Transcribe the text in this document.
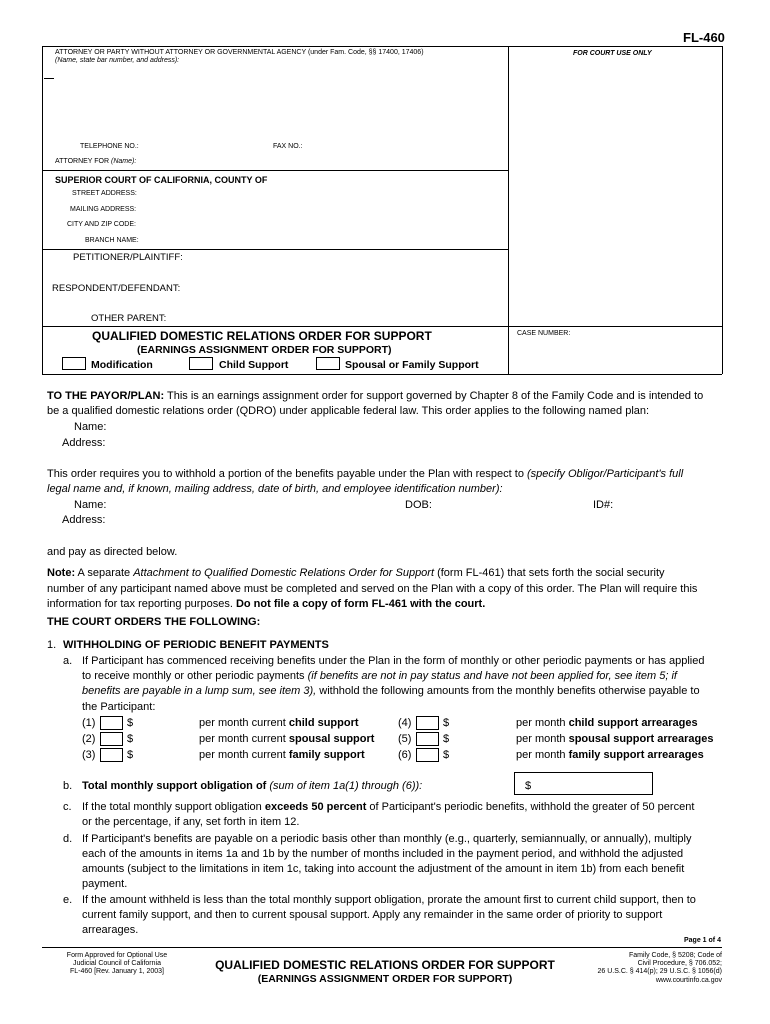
FL-460
ATTORNEY OR PARTY WITHOUT ATTORNEY OR GOVERNMENTAL AGENCY (under Fam. Code, §§ 17400, 17406)
(Name, state bar number, and address):
FOR COURT USE ONLY
TELEPHONE NO.:	FAX NO.:
ATTORNEY FOR (Name):
SUPERIOR COURT OF CALIFORNIA, COUNTY OF
STREET ADDRESS:
MAILING ADDRESS:
CITY AND ZIP CODE:
BRANCH NAME:
PETITIONER/PLAINTIFF:
RESPONDENT/DEFENDANT:
OTHER PARENT:
QUALIFIED DOMESTIC RELATIONS ORDER FOR SUPPORT
(EARNINGS ASSIGNMENT ORDER FOR SUPPORT)
CASE NUMBER:
Modification	Child Support	Spousal or Family Support
TO THE PAYOR/PLAN: This is an earnings assignment order for support governed by Chapter 8 of the Family Code and is intended to
be a qualified domestic relations order (QDRO) under applicable federal law. This order applies to the following named plan:
Name:
Address:
This order requires you to withhold a portion of the benefits payable under the Plan with respect to (specify Obligor/Participant's full
legal name and, if known, mailing address, date of birth, and employee identification number):
Name:	DOB:	ID#:
Address:
and pay as directed below.
Note: A separate Attachment to Qualified Domestic Relations Order for Support (form FL-461) that sets forth the social security
number of any participant named above must be completed and served on the Plan with a copy of this order. The Plan will require this
information for tax reporting purposes. Do not file a copy of form FL-461 with the court.
THE COURT ORDERS THE FOLLOWING:
1. WITHHOLDING OF PERIODIC BENEFIT PAYMENTS
a. If Participant has commenced receiving benefits under the Plan in the form of monthly or other periodic payments or has applied
to receive monthly or other periodic payments (if benefits are not in pay status and have not been applied for, see item 5; if
benefits are payable in a lump sum, see item 3), withhold the following amounts from the monthly benefits otherwise payable to
the Participant:
(1)	$	per month current child support	(4)	$	per month child support arrearages
(2)	$	per month current spousal support (5)	$	per month spousal support arrearages
(3)	$	per month current family support	(6)	$	per month family support arrearages
b. Total monthly support obligation of (sum of item 1a(1) through (6)):	$
c. If the total monthly support obligation exceeds 50 percent of Participant's periodic benefits, withhold the greater of 50 percent
or the percentage, if any, set forth in item 12.
d. If Participant's benefits are payable on a periodic basis other than monthly (e.g., quarterly, semiannually, or annually), multiply
each of the amounts in items 1a and 1b by the number of months included in the payment period, and withhold the adjusted
amounts (subject to the limitations in item 1c, taking into account the adjustment of the amount in item 1b) from each benefit
payment.
e. If the amount withheld is less than the total monthly support obligation, prorate the amount first to current child support, then to
current family support, and then to current spousal support. Apply any remainder in the same order of priority to support
arrearages.
Page 1 of 4
Form Approved for Optional Use
Judicial Council of California
FL-460 [Rev. January 1, 2003]	QUALIFIED DOMESTIC RELATIONS ORDER FOR SUPPORT
(EARNINGS ASSIGNMENT ORDER FOR SUPPORT)
Family Code, § 5208; Code of
Civil Procedure, § 706.052;
26 U.S.C. § 414(p); 29 U.S.C. § 1056(d)
www.courtinfo.ca.gov
